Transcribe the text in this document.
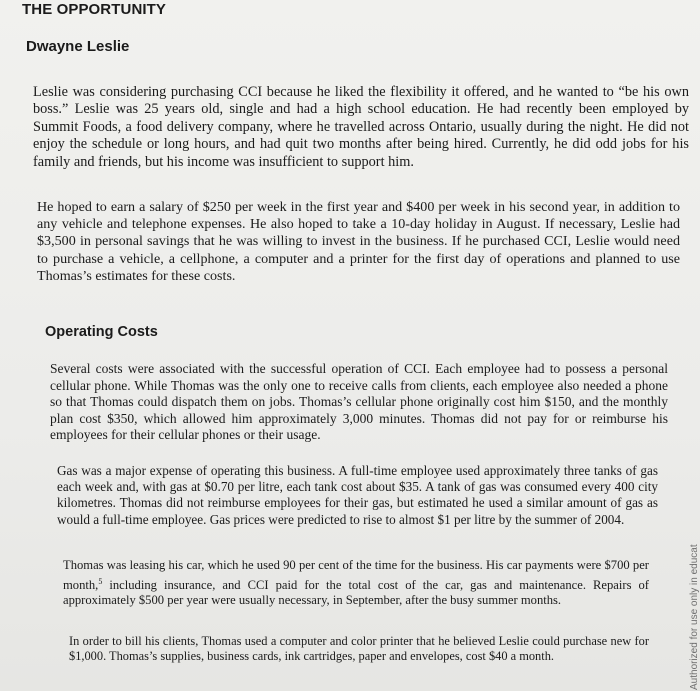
THE OPPORTUNITY
Dwayne Leslie

Leslie was considering purchasing CCI because he liked the flexibility it offered, and he wanted to “be his own boss.” Leslie was 25 years old, single and had a high school education. He had recently been employed by Summit Foods, a food delivery company, where he travelled across Ontario, usually during the night. He did not enjoy the schedule or long hours, and had quit two months after being hired. Currently, he did odd jobs for his family and friends, but his income was insufficient to support him.

He hoped to earn a salary of $250 per week in the first year and $400 per week in his second year, in addition to any vehicle and telephone expenses. He also hoped to take a 10-day holiday in August. If necessary, Leslie had $3,500 in personal savings that he was willing to invest in the business. If he purchased CCI, Leslie would need to purchase a vehicle, a cellphone, a computer and a printer for the first day of operations and planned to use Thomas’s estimates for these costs.

Operating Costs

Several costs were associated with the successful operation of CCI. Each employee had to possess a personal cellular phone. While Thomas was the only one to receive calls from clients, each employee also needed a phone so that Thomas could dispatch them on jobs. Thomas’s cellular phone originally cost him $150, and the monthly plan cost $350, which allowed him approximately 3,000 minutes. Thomas did not pay for or reimburse his employees for their cellular phones or their usage.

Gas was a major expense of operating this business. A full-time employee used approximately three tanks of gas each week and, with gas at $0.70 per litre, each tank cost about $35. A tank of gas was consumed every 400 city kilometres. Thomas did not reimburse employees for their gas, but estimated he used a similar amount of gas as would a full-time employee. Gas prices were predicted to rise to almost $1 per litre by the summer of 2004.

Thomas was leasing his car, which he used 90 per cent of the time for the business. His car payments were $700 per month,$^5$ including insurance, and CCI paid for the total cost of the car, gas and maintenance. Repairs of approximately $500 per year were usually necessary, in September, after the busy summer months.

In order to bill his clients, Thomas used a computer and color printer that he believed Leslie could purchase new for $1,000. Thomas’s supplies, business cards, ink cartridges, paper and envelopes, cost $40 a month.	Authorized for use only in educat
